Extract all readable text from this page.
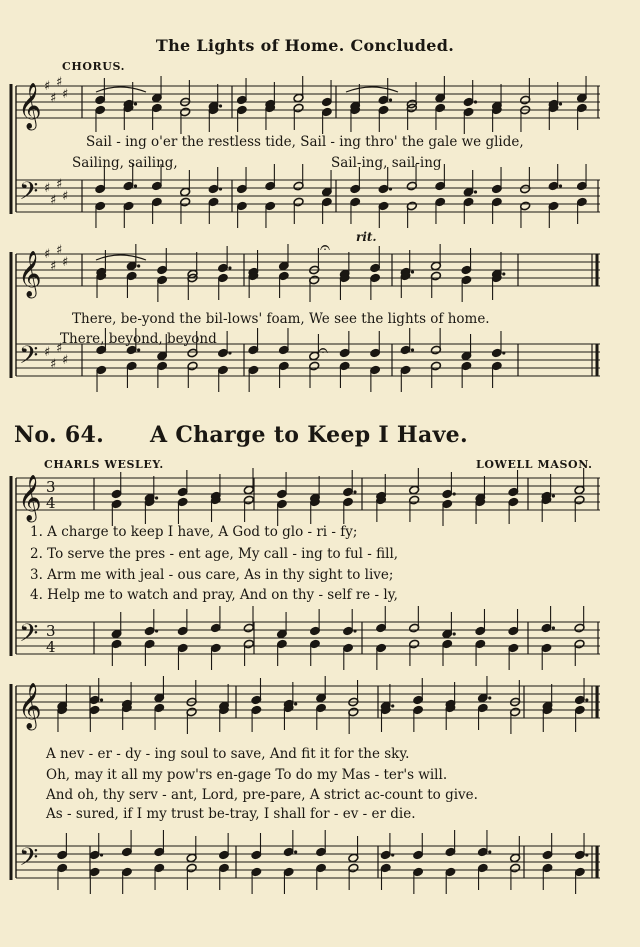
𝄞
𝄢
♯
♯
♯
♯
♯
♯
♯
♯
𝄞
𝄢
♯
♯
♯
♯
♯
♯
♯
♯
𝄐
𝄐
𝄞
𝄢
3
4
3
4
𝄞
𝄢
The Lights of Home. Concluded.
CHORUS.
Sail - ing o'er the restless tide, Sail - ing thro' the gale we glide,
Sailing, sailing,	Sail-ing, sail-ing
rit.
There, be-yond the bil-lows' foam, We see the lights of home.
There, beyond, beyond
No. 64. A Charge to Keep I Have.
CHARLS WESLEY.	LOWELL MASON.
1. A charge to keep I have, A God to glo - ri - fy;
2. To serve the pres - ent age, My call - ing to ful - fill,
3. Arm me with jeal - ous care, As in thy sight to live;
4. Help me to watch and pray, And on thy - self re - ly,
A nev - er - dy - ing soul to save, And fit it for the sky.
Oh, may it all my pow'rs en-gage To do my Mas - ter's will.
And oh, thy serv - ant, Lord, pre-pare, A strict ac-count to give.
As - sured, if I my trust be-tray, I shall for - ev - er die.
